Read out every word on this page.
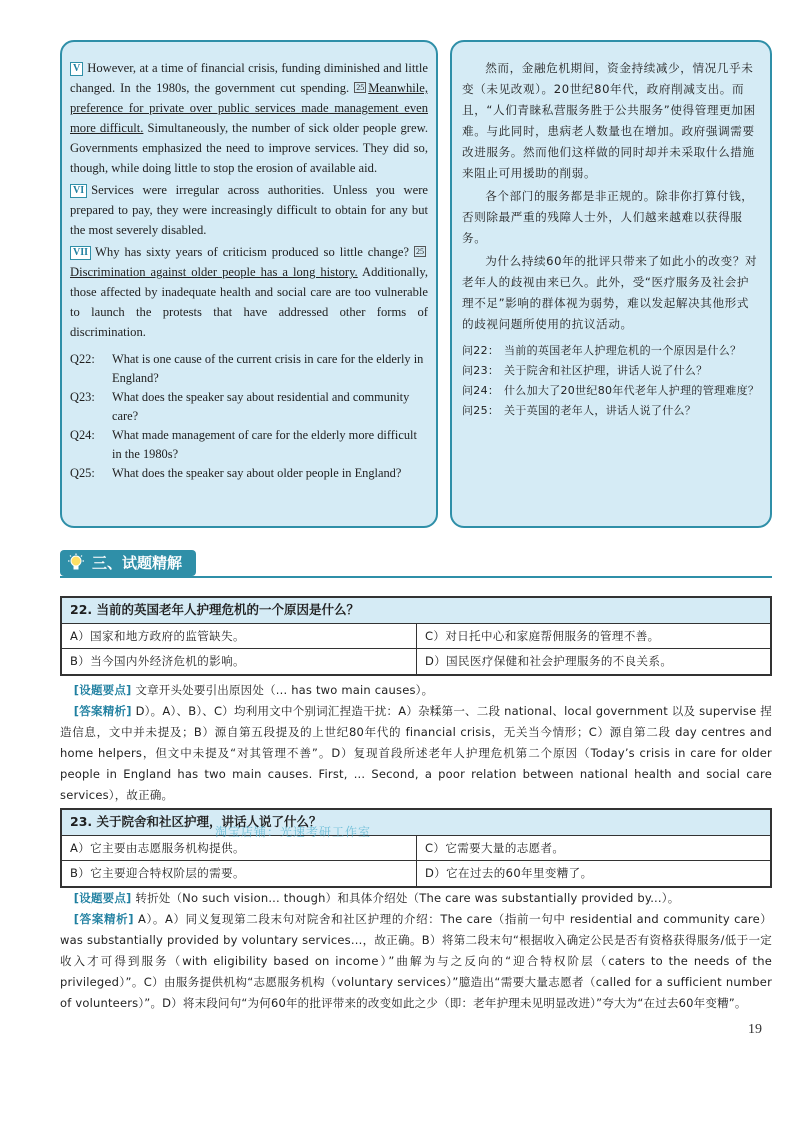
V However, at a time of financial crisis, funding diminished and little changed. In the 1980s, the government cut spending. 25 Meanwhile, preference for private over public services made management even more difficult. Simultaneously, the number of sick older people grew. Governments emphasized the need to improve services. They did so, though, while doing little to stop the erosion of available aid.

VI Services were irregular across authorities. Unless you were prepared to pay, they were increasingly difficult to obtain for any but the most severely disabled.

VII Why has sixty years of criticism produced so little change? 25Discrimination against older people has a long history. Additionally, those affected by inadequate health and social care are too vulnerable to launch the protests that have addressed other forms of discrimination.

Q22:	What is one cause of the current crisis in care for the elderly in England?
Q23:	What does the speaker say about residential and community care?
Q24:	What made management of care for the elderly more difficult in the 1980s?
Q25:	What does the speaker say about older people in England?

然而，金融危机期间，资金持续减少，情况几乎未变（未见改观）。20世纪80年代，政府削减支出。而且，“人们青睐私营服务胜于公共服务”使得管理更加困难。与此同时，患病老人数量也在增加。政府强调需要改进服务。然而他们这样做的同时却并未采取什么措施来阻止可用援助的削弱。

各个部门的服务都是非正规的。除非你打算付钱，否则除最严重的残障人士外，人们越来越难以获得服务。

为什么持续60年的批评只带来了如此小的改变？对老年人的歧视由来已久。此外，受“医疗服务及社会护理不足”影响的群体视为弱势，难以发起解决其他形式的歧视问题所使用的抗议活动。

问22： 当前的英国老年人护理危机的一个原因是什么？
问23： 关于院舍和社区护理，讲话人说了什么？
问24： 什么加大了20世纪80年代老年人护理的管理难度？
问25： 关于英国的老年人，讲话人说了什么？
三、试题精解
22. 当前的英国老年人护理危机的一个原因是什么？
A）国家和地方政府的监管缺失。	C）对日托中心和家庭帮佣服务的管理不善。
B）当今国内外经济危机的影响。	D）国民医疗保健和社会护理服务的不良关系。

[设题要点] 文章开头处要引出原因处（... has two main causes）。

[答案精析] D）。A）、B）、C）均利用文中个别词汇捏造干扰：A）杂糅第一、二段 national、local government 以及 supervise 捏造信息，文中并未提及；B）源自第五段提及的上世纪80年代的 financial crisis，无关当今情形；C）源自第二段 day centres and home helpers，但文中未提及“对其管理不善”。D）复现首段所述老年人护理危机第二个原因（Today’s crisis in care for older people in England has two main causes. First, ... Second, a poor relation between national health and social care services），故正确。

23. 关于院舍和社区护理，讲话人说了什么？
A）它主要由志愿服务机构提供。	C）它需要大量的志愿者。
B）它主要迎合特权阶层的需要。	D）它在过去的60年里变糟了。
淘宝店铺：光速考研工作室

[设题要点] 转折处（No such vision... though）和具体介绍处（The care was substantially provided by...）。

[答案精析] A）。A）同义复现第二段末句对院舍和社区护理的介绍：The care（指前一句中 residential and community care）was substantially provided by voluntary services...，故正确。B）将第二段末句“根据收入确定公民是否有资格获得服务/低于一定收入才可得到服务（with eligibility based on income）”曲解为与之反向的“迎合特权阶层（caters to the needs of the privileged）”。C）由服务提供机构“志愿服务机构（voluntary services）”臆造出“需要大量志愿者（called for a sufficient number of volunteers）”。D）将末段问句“为何60年的批评带来的改变如此之少（即：老年护理未见明显改进）”夸大为“在过去60年变糟”。

19
